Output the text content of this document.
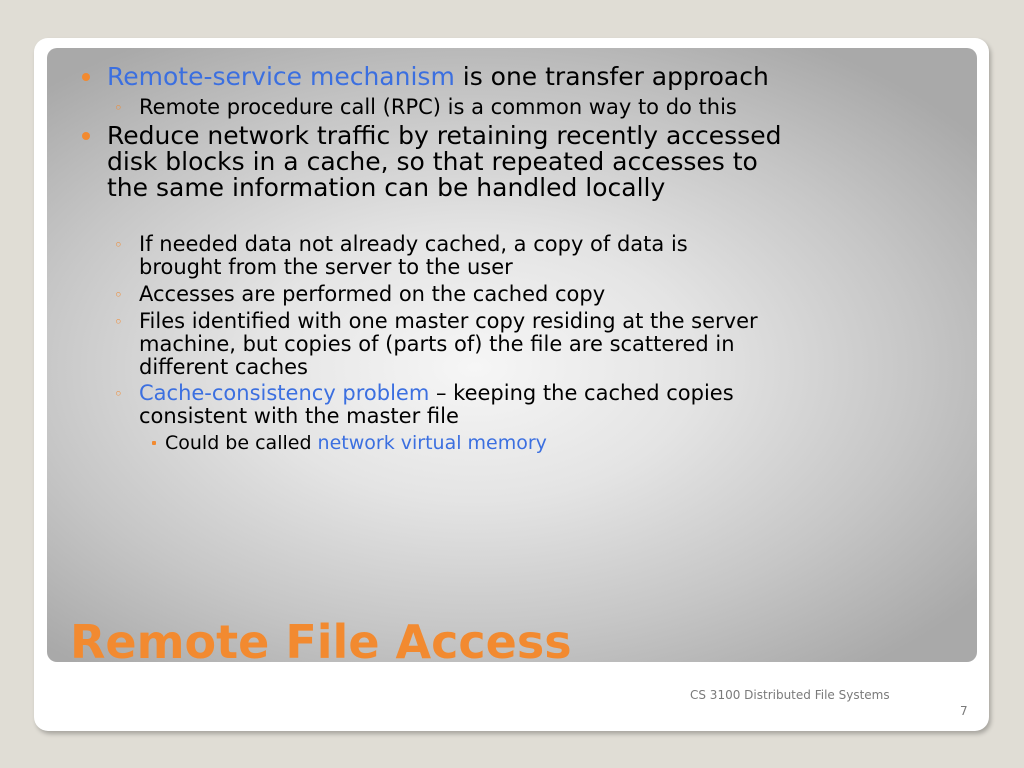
Remote-service mechanism is one transfer approach
◦ Remote procedure call (RPC) is a common way to do this
Reduce network traffic by retaining recently accessed
disk blocks in a cache, so that repeated accesses to
the same information can be handled locally
◦ If needed data not already cached, a copy of data is
brought from the server to the user
◦ Accesses are performed on the cached copy
◦ Files identified with one master copy residing at the server
machine, but copies of (parts of) the file are scattered in
different caches
◦ Cache-consistency problem – keeping the cached copies
consistent with the master file
Could be called network virtual memory
Remote File Access
CS 3100 Distributed File Systems
7
